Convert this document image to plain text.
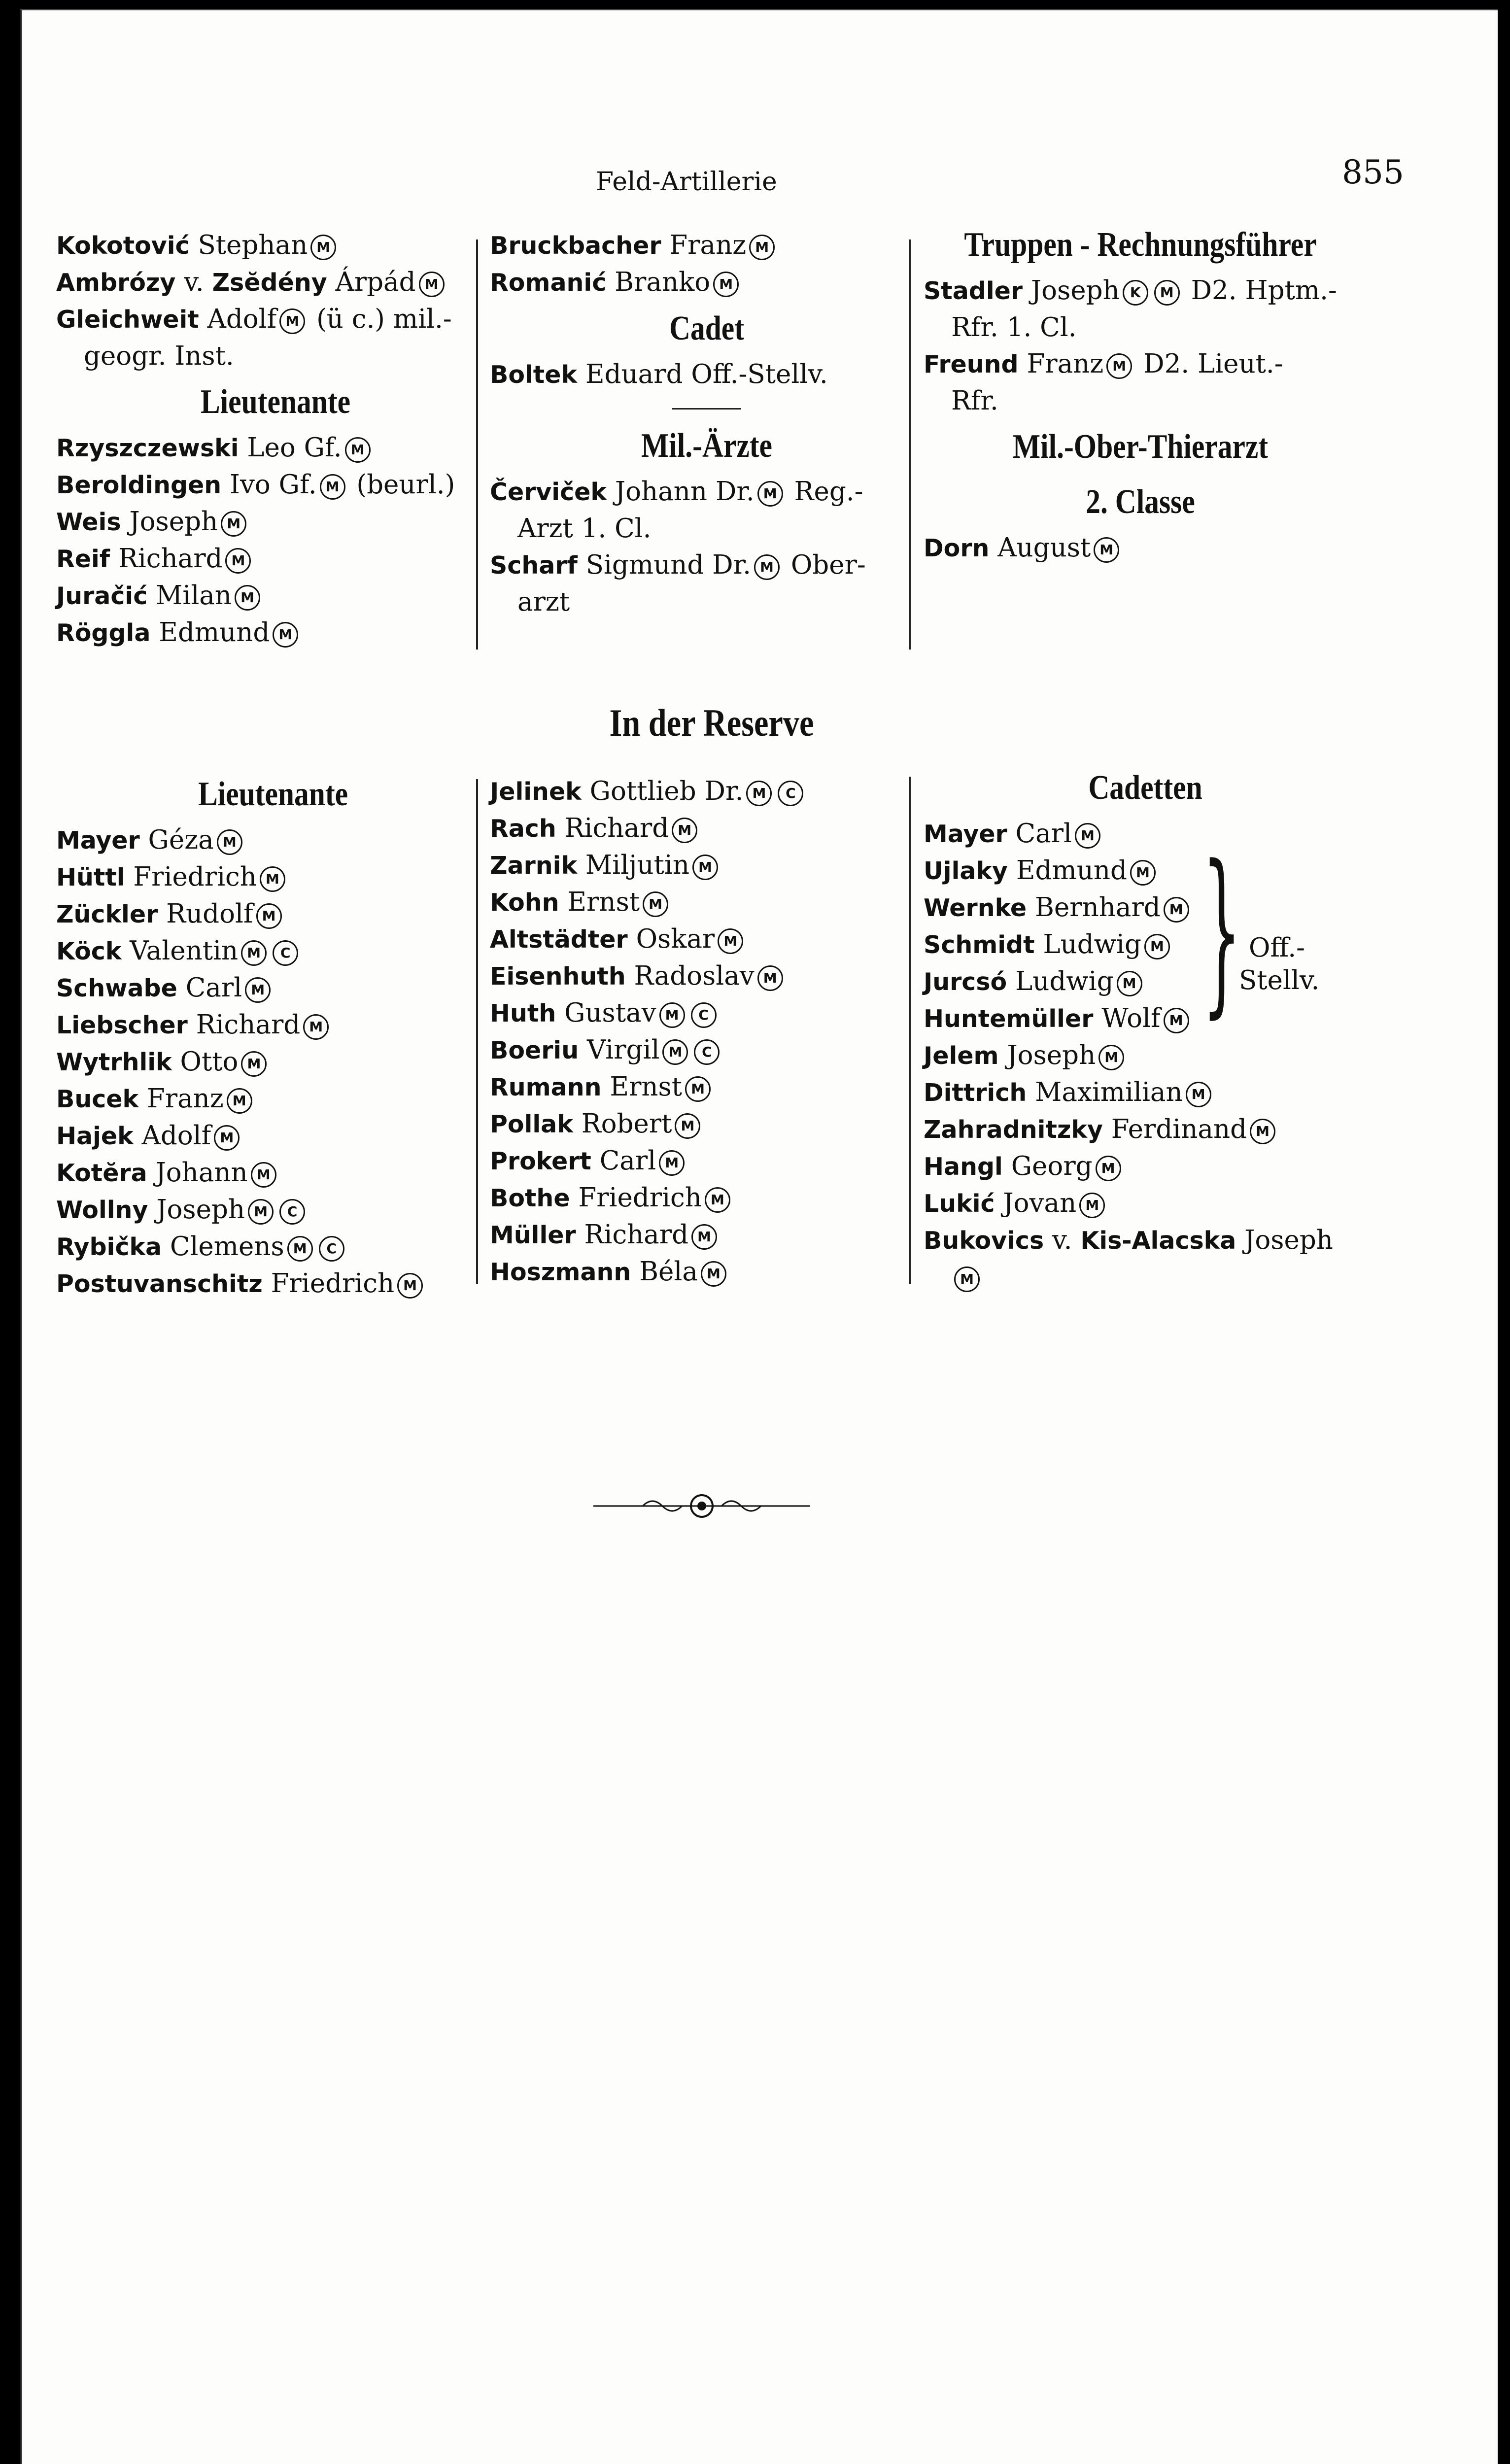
Feld-Artillerie	855
Kokotović Stephan M
Ambrózy v. Zsĕdény Árpád M
Gleichweit Adolf M (ü c.) mil.-
geogr. Inst.
Lieutenante
Rzyszczewski Leo Gf. M
Beroldingen Ivo Gf. M (beurl.)
Weis Joseph M
Reif Richard M
Juračić Milan M
Röggla Edmund M
Bruckbacher Franz M
Romanić Branko M
Cadet
Boltek Eduard Off.-Stellv.
Mil.-Ärzte
Červiček Johann Dr. M Reg.-
Arzt 1. Cl.
Scharf Sigmund Dr. M Ober-
arzt
Truppen - Rechnungsführer
Stadler Joseph K M D2. Hptm.-
Rfr. 1. Cl.
Freund Franz M D2. Lieut.-
Rfr.
Mil.-Ober-Thierarzt
2. Classe
Dorn August M
In der Reserve
Lieutenante
Mayer Géza M
Hüttl Friedrich M
Zückler Rudolf M
Köck Valentin M C
Schwabe Carl M
Liebscher Richard M
Wytrhlik Otto M
Bucek Franz M
Hajek Adolf M
Kotĕra Johann M
Wollny Joseph M C
Rybička Clemens M C
Postuvanschitz Friedrich M
Jelinek Gottlieb Dr. M C
Rach Richard M
Zarnik Miljutin M
Kohn Ernst M
Altstädter Oskar M
Eisenhuth Radoslav M
Huth Gustav M C
Boeriu Virgil M C
Rumann Ernst M
Pollak Robert M
Prokert Carl M
Bothe Friedrich M
Müller Richard M
Hoszmann Béla M
Cadetten
Mayer Carl M
Ujlaky Edmund M
Wernke Bernhard M
Schmidt Ludwig M
Jurcsó Ludwig M
Huntemüller Wolf M
Jelem Joseph M
Dittrich Maximilian M
Zahradnitzky Ferdinand M
Hangl Georg M
Lukić Jovan M
Bukovics v. Kis-Alacska Joseph
M
} Off.-
Stellv.
